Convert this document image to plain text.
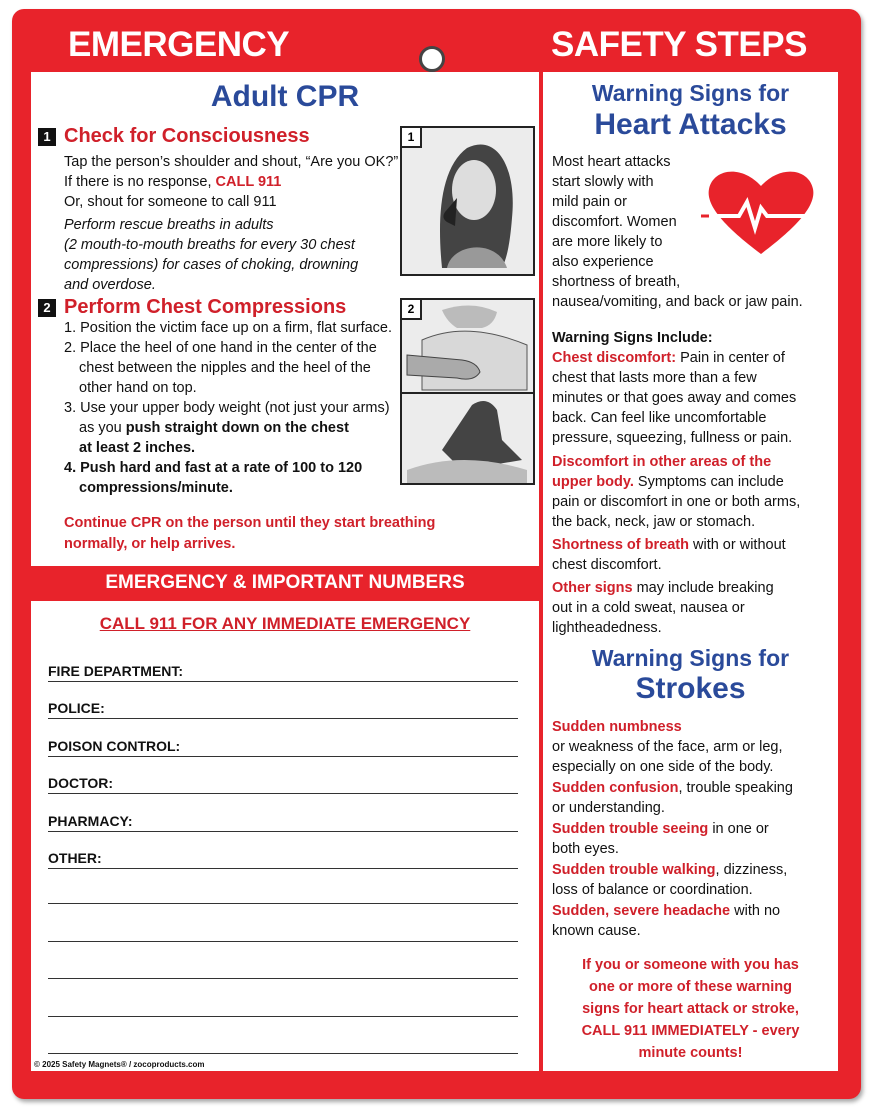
EMERGENCY	SAFETY STEPS
Adult CPR
1 Check for Consciousness
Tap the person’s shoulder and shout, “Are you OK?”
If there is no response, CALL 911
Or, shout for someone to call 911
Perform rescue breaths in adults
(2 mouth-to-mouth breaths for every 30 chest
compressions) for cases of choking, drowning
and overdose.
1
2 Perform Chest Compressions
1. Position the victim face up on a firm, flat surface.
2. Place the heel of one hand in the center of the
chest between the nipples and the heel of the
other hand on top.
3. Use your upper body weight (not just your arms)
as you push straight down on the chest
at least 2 inches.
4. Push hard and fast at a rate of 100 to 120
compressions/minute.
2
Continue CPR on the person until they start breathing
normally, or help arrives.
EMERGENCY & IMPORTANT NUMBERS
CALL 911 FOR ANY IMMEDIATE EMERGENCY
FIRE DEPARTMENT:
POLICE:
POISON CONTROL:
DOCTOR:
PHARMACY:
OTHER:
© 2025 Safety Magnets® / zocoproducts.com
Warning Signs for
Heart Attacks
Most heart attacks
start slowly with
mild pain or
discomfort. Women
are more likely to
also experience
shortness of breath,
nausea/vomiting, and back or jaw pain.

Warning Signs Include:

Chest discomfort: Pain in center of

chest that lasts more than a few

minutes or that goes away and comes

back. Can feel like uncomfortable

pressure, squeezing, fullness or pain.

Discomfort in other areas of the

upper body. Symptoms can include

pain or discomfort in one or both arms,

the back, neck, jaw or stomach.

Shortness of breath with or without

chest discomfort.

Other signs may include breaking

out in a cold sweat, nausea or

lightheadedness.

Warning Signs for
Strokes

Sudden numbness

or weakness of the face, arm or leg,

especially on one side of the body.

Sudden confusion, trouble speaking

or understanding.

Sudden trouble seeing in one or

both eyes.

Sudden trouble walking, dizziness,

loss of balance or coordination.

Sudden, severe headache with no

known cause.

If you or someone with you has
one or more of these warning
signs for heart attack or stroke,
CALL 911 IMMEDIATELY - every
minute counts!
